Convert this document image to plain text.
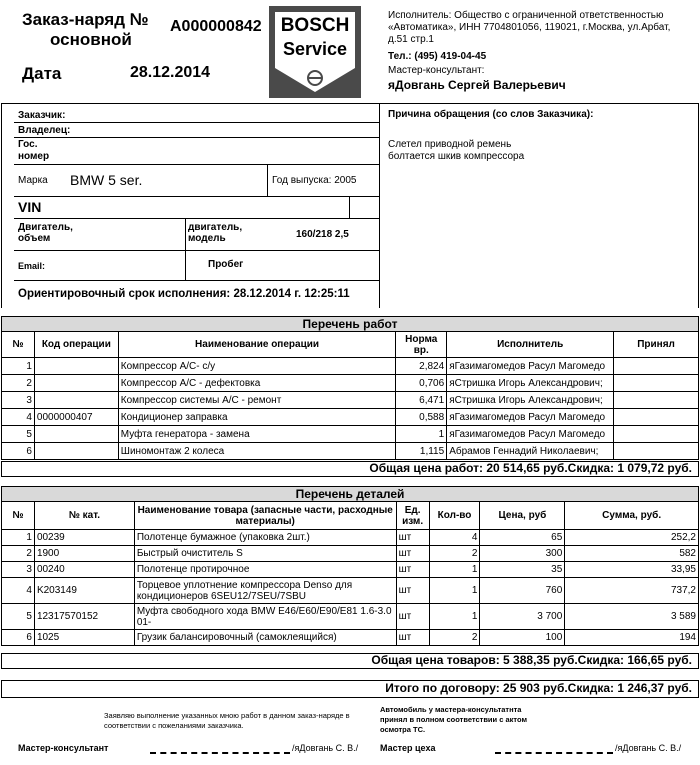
Заказ-наряд № A000000842
основной
Дата	28.12.2014
BOSCH
Service
Исполнитель: Общество с ограниченной ответственностью
«Автоматика», ИНН 7704801056, 119021, г.Москва, ул.Арбат,
д.51 стр.1
Тел.: (495) 419-04-45
Мастер-консультант:
яДовгань Сергей Валерьевич
Заказчик:
Владелец:
Гос.
номер
Марка BMW 5 ser.	Год выпуска: 2005
VIN
Двигатель,
объем
двигатель,
модель	160/218 2,5
Email:	Пробег
Ориентировочный срок исполнения: 28.12.2014 г. 12:25:11
Причина обращения (со слов Заказчика):
Слетел приводной ремень
болтается шкив компрессора
Перечень работ					
№	Код операции	Наименование операции	Норма вр.	Исполнитель	Принял
1		Компрессор A/C- с/у	2,824	яГазимагомедов Расул Магомедо	
2		Компрессор A/C - дефектовка	0,706	яСтришка Игорь Александрович;	
3		Компрессор системы A/C - ремонт	6,471	яСтришка Игорь Александрович;	
4	0000000407	Кондиционер заправка	0,588	яГазимагомедов Расул Магомедо	
5		Муфта генератора - замена	1	яГазимагомедов Расул Магомедо	
6		Шиномонтаж 2 колеса	1,115	Абрамов Геннадий Николаевич;	
Общая цена работ: 20 514,65 руб.Скидка: 1 079,72 руб.
Перечень деталей						
№	№ кат.	Наименование товара (запасные части, расходные материалы)	Ед. изм.	Кол-во	Цена, руб	Сумма, руб.
1	00239	Полотенце бумажное (упаковка 2шт.)	шт	4	65	252,2
2	1900	Быстрый очиститель S	шт	2	300	582
3	00240	Полотенце протирочное	шт	1	35	33,95
4	K203149	Торцевое уплотнение компрессора Denso для кондиционеров 6SEU12/7SEU/7SBU	шт	1	760	737,2
5	12317570152	Муфта свободного хода BMW E46/E60/E90/E81 1.6-3.0 01-	шт	1	3 700	3 589
6	1025	Грузик балансировочный (самоклеящийся)	шт	2	100	194
Общая цена товаров: 5 388,35 руб.Скидка: 166,65 руб.
Итого по договору: 25 903 руб.Скидка: 1 246,37 руб.
Заявляю выполнение указанных мною работ в данном заказ-наряде в
соответствии с пожеланиями заказчика.
Автомобиль у мастера-консультатнта
принял в полном соответствии с актом
осмотра ТС.
Мастер-консультант	/яДовгань С. В./ Мастер цеха	/яДовгань С. В./
